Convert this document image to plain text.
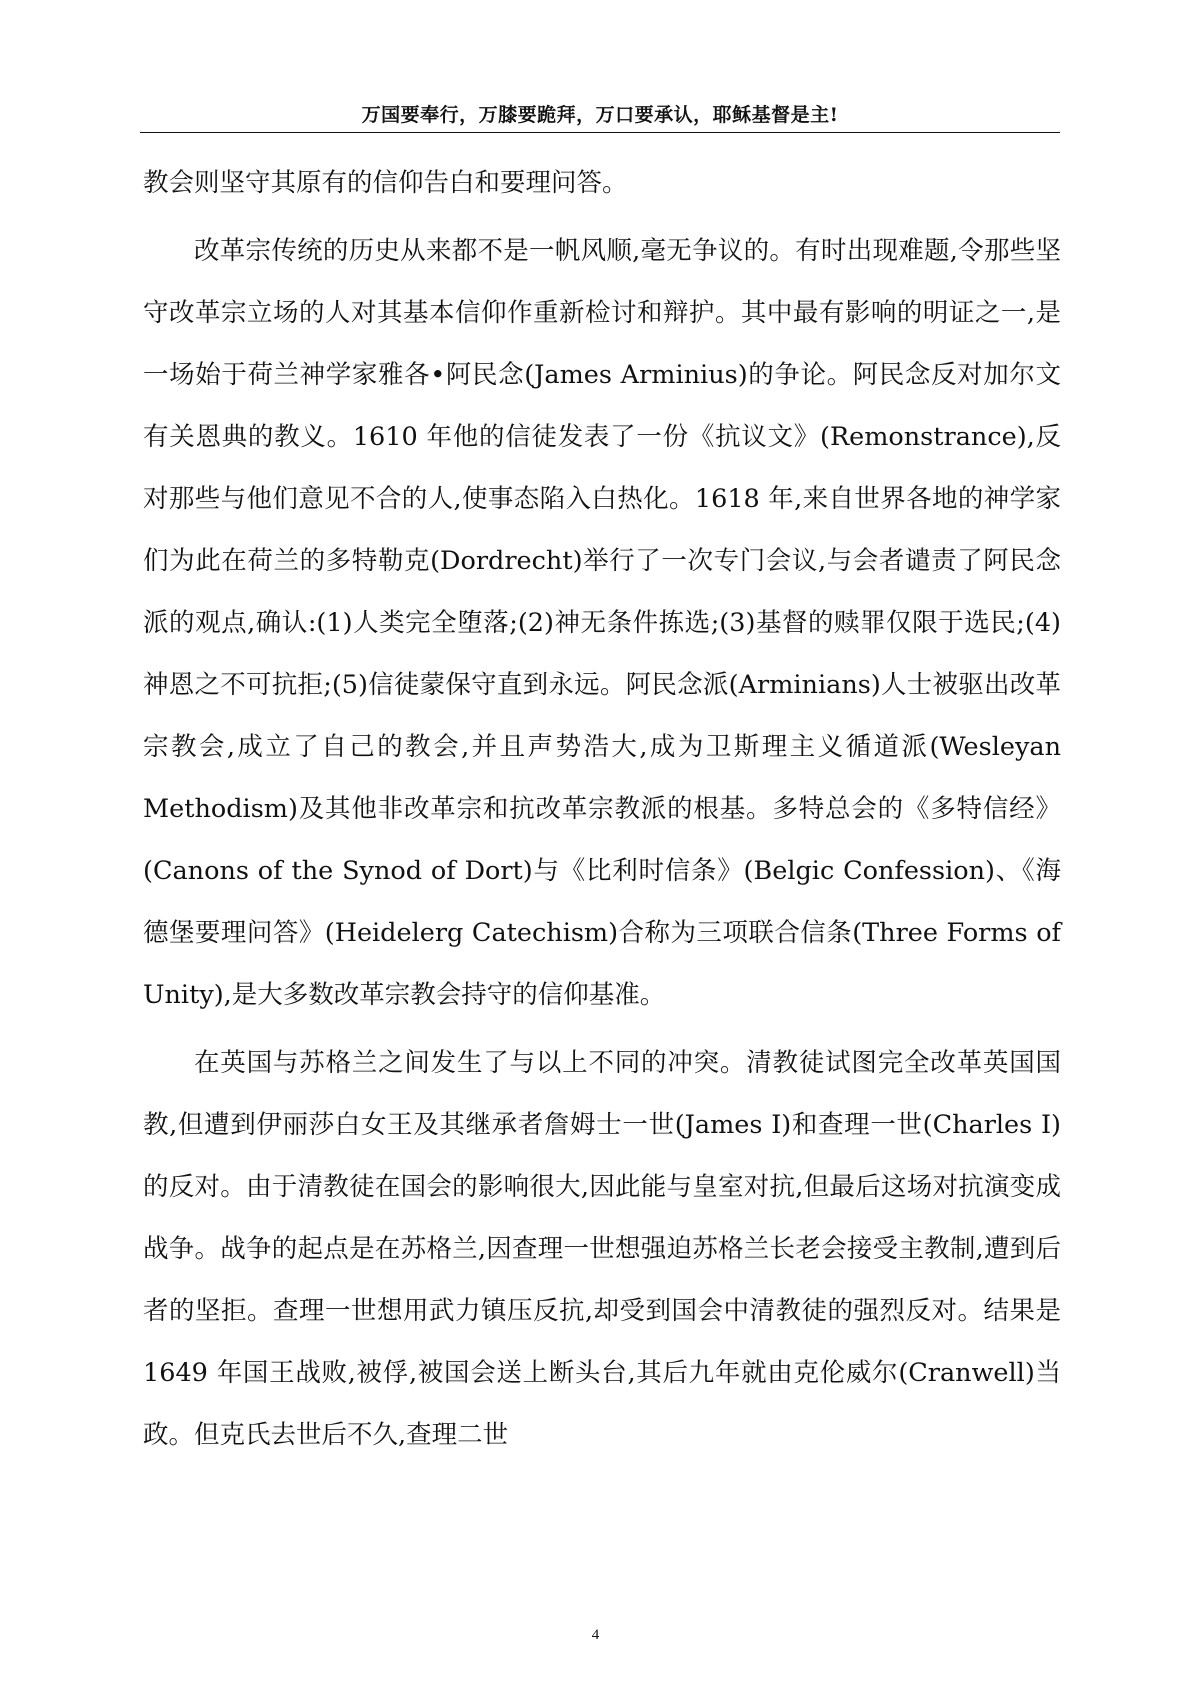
万国要奉行，万膝要跪拜，万口要承认，耶稣基督是主!

教会则坚守其原有的信仰告白和要理问答。

改革宗传统的历史从来都不是一帆风顺,毫无争议的。有时出现难题,令那些坚守改革宗立场的人对其基本信仰作重新检讨和辩护。其中最有影响的明证之一,是一场始于荷兰神学家雅各•阿民念(James Arminius)的争论。阿民念反对加尔文有关恩典的教义。1610 年他的信徒发表了一份《抗议文》(Remonstrance),反对那些与他们意见不合的人,使事态陷入白热化。1618 年,来自世界各地的神学家们为此在荷兰的多特勒克(Dordrecht)举行了一次专门会议,与会者谴责了阿民念派的观点,确认:(1)人类完全堕落;(2)神无条件拣选;(3)基督的赎罪仅限于选民;(4)神恩之不可抗拒;(5)信徒蒙保守直到永远。阿民念派(Arminians)人士被驱出改革宗教会,成立了自己的教会,并且声势浩大,成为卫斯理主义循道派(Wesleyan Methodism)及其他非改革宗和抗改革宗教派的根基。多特总会的《多特信经》(Canons of the Synod of Dort)与《比利时信条》(Belgic Confession)、《海德堡要理问答》(Heidelerg Catechism)合称为三项联合信条(Three Forms of Unity),是大多数改革宗教会持守的信仰基准。

在英国与苏格兰之间发生了与以上不同的冲突。清教徒试图完全改革英国国教,但遭到伊丽莎白女王及其继承者詹姆士一世(James I)和查理一世(Charles I)的反对。由于清教徒在国会的影响很大,因此能与皇室对抗,但最后这场对抗演变成战争。战争的起点是在苏格兰,因查理一世想强迫苏格兰长老会接受主教制,遭到后者的坚拒。查理一世想用武力镇压反抗,却受到国会中清教徒的强烈反对。结果是 1649 年国王战败,被俘,被国会送上断头台,其后九年就由克伦威尔(Cranwell)当政。但克氏去世后不久,查理二世

4
